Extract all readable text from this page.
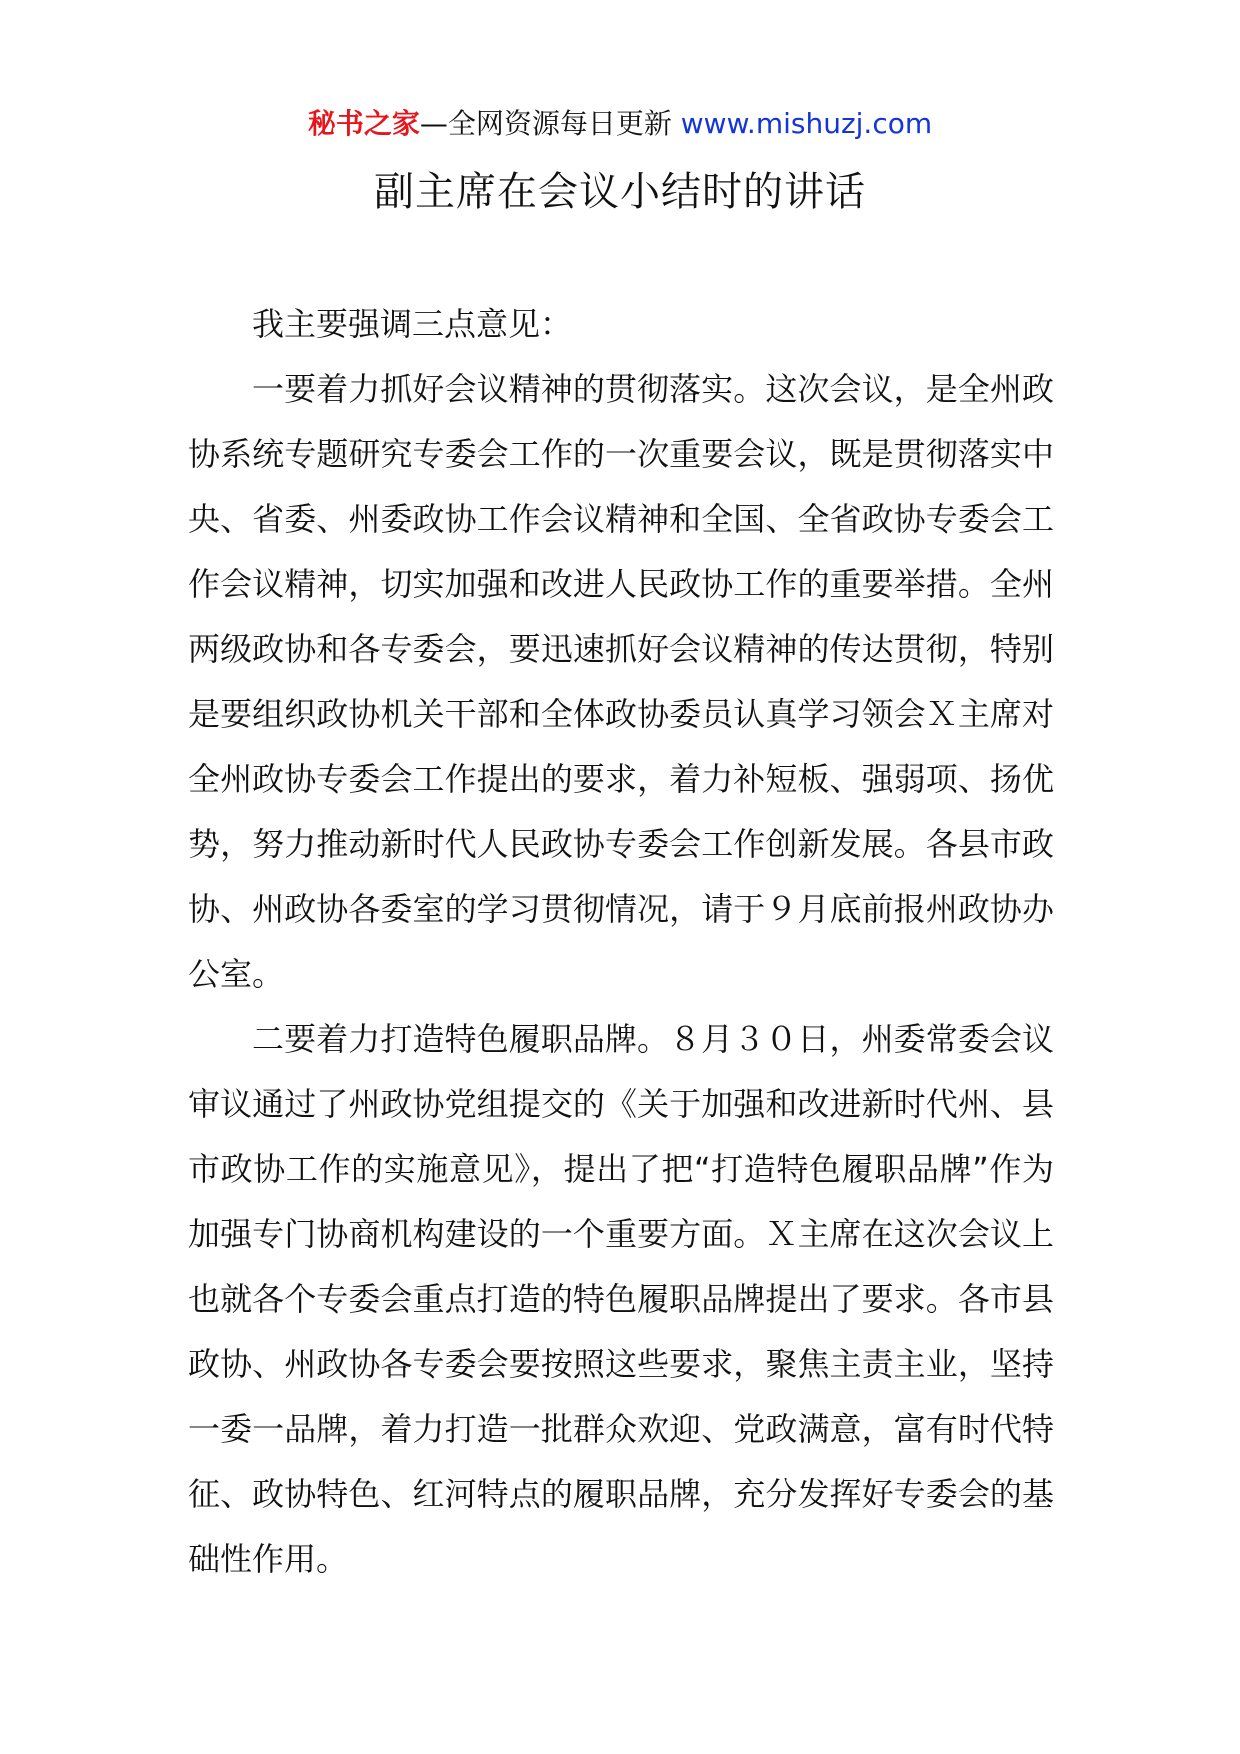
秘书之家—全网资源每日更新 www.mishuzj.com
副主席在会议小结时的讲话

我主要强调三点意见：

一要着力抓好会议精神的贯彻落实。这次会议，是全州政协系统专题研究专委会工作的一次重要会议，既是贯彻落实中央、省委、州委政协工作会议精神和全国、全省政协专委会工作会议精神，切实加强和改进人民政协工作的重要举措。全州两级政协和各专委会，要迅速抓好会议精神的传达贯彻，特别是要组织政协机关干部和全体政协委员认真学习领会Ｘ主席对全州政协专委会工作提出的要求，着力补短板、强弱项、扬优势，努力推动新时代人民政协专委会工作创新发展。各县市政协、州政协各委室的学习贯彻情况，请于９月底前报州政协办公室。

二要着力打造特色履职品牌。８月３０日，州委常委会议审议通过了州政协党组提交的《关于加强和改进新时代州、县市政协工作的实施意见》，提出了把“打造特色履职品牌”作为加强专门协商机构建设的一个重要方面。Ｘ主席在这次会议上也就各个专委会重点打造的特色履职品牌提出了要求。各市县政协、州政协各专委会要按照这些要求，聚焦主责主业，坚持一委一品牌，着力打造一批群众欢迎、党政满意，富有时代特征、政协特色、红河特点的履职品牌，充分发挥好专委会的基础性作用。
